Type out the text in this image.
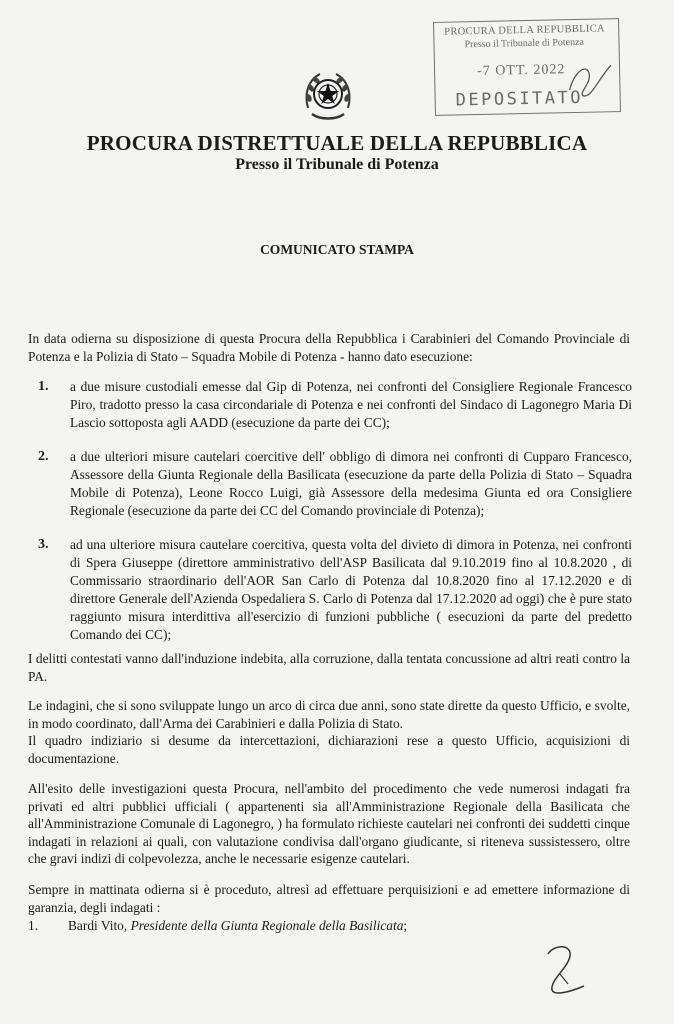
PROCURA DELLA REPUBBLICA
Presso il Tribunale di Potenza
-7 OTT. 2022
DEPOSITATO
PROCURA DISTRETTUALE DELLA REPUBBLICA
Presso il Tribunale di Potenza
COMUNICATO STAMPA

In data odierna su disposizione di questa Procura della Repubblica i Carabinieri del Comando Provinciale di Potenza e la Polizia di Stato – Squadra Mobile di Potenza - hanno dato esecuzione:

1. a due misure custodiali emesse dal Gip di Potenza, nei confronti del Consigliere Regionale Francesco Piro, tradotto presso la casa circondariale di Potenza e nei confronti del Sindaco di Lagonegro Maria Di Lascio sottoposta agli AADD (esecuzione da parte dei CC);
2. a due ulteriori misure cautelari coercitive dell' obbligo di dimora nei confronti di Cupparo Francesco, Assessore della Giunta Regionale della Basilicata (esecuzione da parte della Polizia di Stato – Squadra Mobile di Potenza), Leone Rocco Luigi, già Assessore della medesima Giunta ed ora Consigliere Regionale (esecuzione da parte dei CC del Comando provinciale di Potenza);
3. ad una ulteriore misura cautelare coercitiva, questa volta del divieto di dimora in Potenza, nei confronti di Spera Giuseppe (direttore amministrativo dell'ASP Basilicata dal 9.10.2019 fino al 10.8.2020 , di Commissario straordinario dell'AOR San Carlo di Potenza dal 10.8.2020 fino al 17.12.2020 e di direttore Generale dell'Azienda Ospedaliera S. Carlo di Potenza dal 17.12.2020 ad oggi) che è pure stato raggiunto misura interdittiva all'esercizio di funzioni pubbliche ( esecuzioni da parte del predetto Comando dei CC);

I delitti contestati vanno dall'induzione indebita, alla corruzione, dalla tentata concussione ad altri reati contro la PA.

Le indagini, che si sono sviluppate lungo un arco di circa due anni, sono state dirette da questo Ufficio, e svolte, in modo coordinato, dall'Arma dei Carabinieri e dalla Polizia di Stato.

Il quadro indiziario si desume da intercettazioni, dichiarazioni rese a questo Ufficio, acquisizioni di documentazione.

All'esito delle investigazioni questa Procura, nell'ambito del procedimento che vede numerosi indagati fra privati ed altri pubblici ufficiali ( appartenenti sia all'Amministrazione Regionale della Basilicata che all'Amministrazione Comunale di Lagonegro, ) ha formulato richieste cautelari nei confronti dei suddetti cinque indagati in relazioni ai quali, con valutazione condivisa dall'organo giudicante, si riteneva sussistessero, oltre che gravi indizi di colpevolezza, anche le necessarie esigenze cautelari.

Sempre in mattinata odierna si è proceduto, altresì ad effettuare perquisizioni e ad emettere informazione di garanzia, degli indagati :

1. Bardi Vito, Presidente della Giunta Regionale della Basilicata;
